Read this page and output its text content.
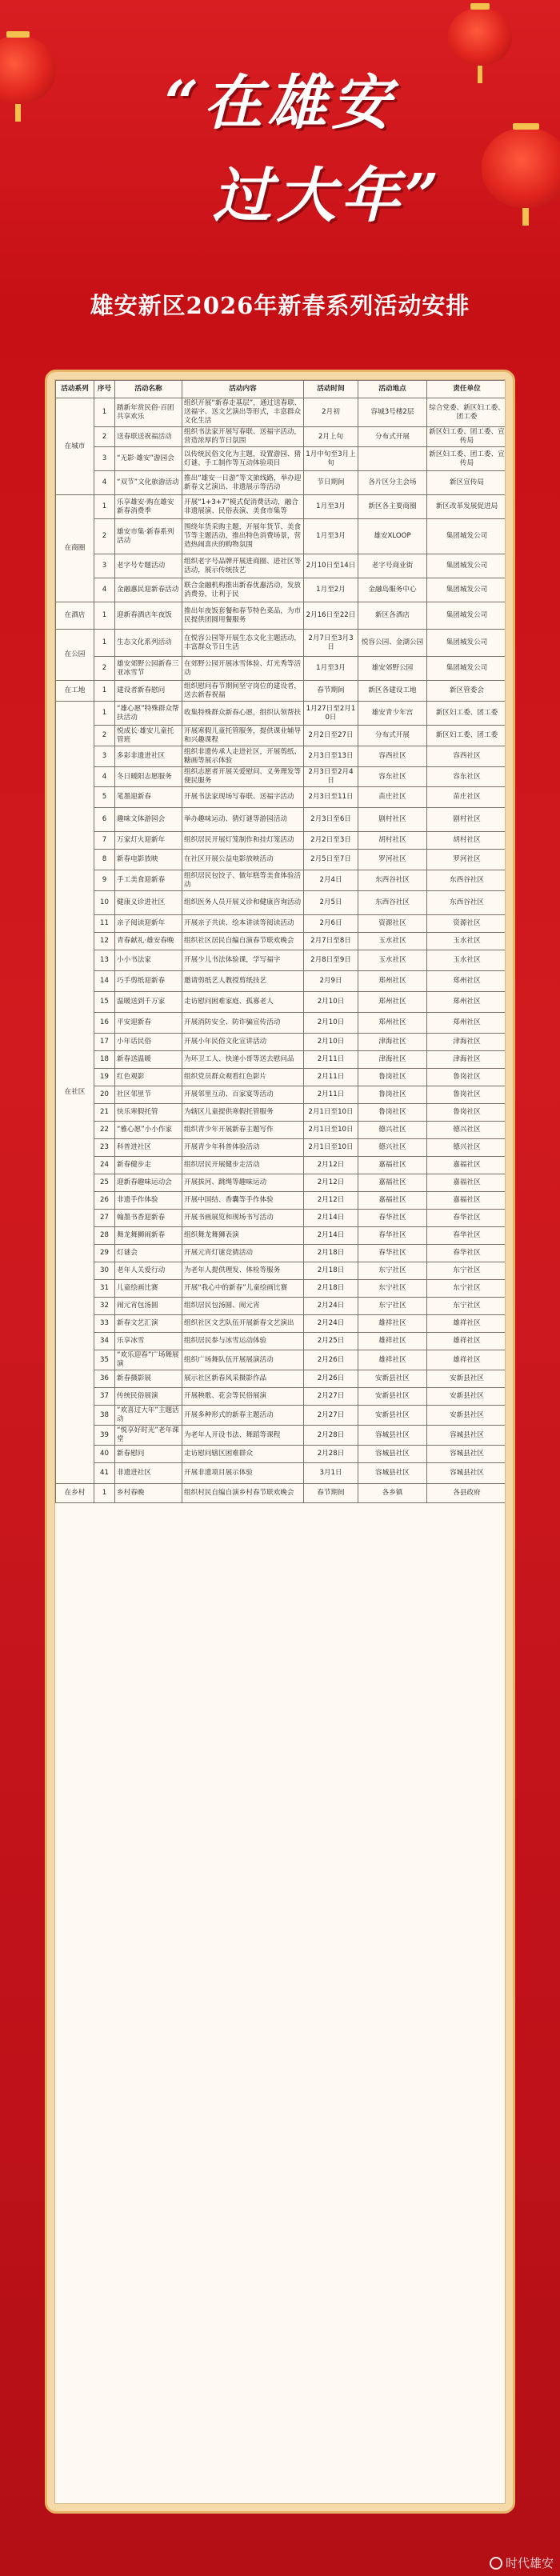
“在雄安
过大年”
雄安新区2026年新春系列活动安排
活动系列	序号	活动名称	活动内容	活动时间	活动地点	责任单位
在城市	1	踏新年赏民俗·百团共享欢乐	组织开展“新春走基层”，通过送春联、送福字、送文艺演出等形式，丰富群众文化生活	2月初	容城3号楼2层	综合党委、新区妇工委、团工委
	2	送春联送祝福活动	组织书法家开展写春联、送福字活动，营造浓厚的节日氛围	2月上旬	分布式开展	新区妇工委、团工委、宣传局
	3	“无影·雄安”游园会	以传统民俗文化为主题，设置游园、猜灯谜、手工制作等互动体验项目	1月中旬至3月上旬		新区妇工委、团工委、宣传局
	4	“双节”文化旅游活动	推出“雄安一日游”等文旅线路，举办迎新春文艺演出、非遗展示等活动	节日期间	各片区分主会场	新区宣传局
在商圈	1	乐享雄安·购在雄安新春消费季	开展“1+3+7”模式促消费活动，融合非遗展演、民俗表演、美食市集等	1月至3月	新区各主要商圈	新区改革发展促进局
	2	雄安市集·新春系列活动	围绕年货采购主题，开展年货节、美食节等主题活动，推出特色消费场景，营造热闹喜庆的购物氛围	1月至3月	雄安XLOOP	集团城发公司
	3	老字号专题活动	组织老字号品牌开展进商圈、进社区等活动，展示传统技艺	2月10日至14日	老字号商业街	集团城发公司
	4	金融惠民迎新春活动	联合金融机构推出新春优惠活动，发放消费券，让利于民	1月至2月	金融岛服务中心	集团城发公司
在酒店	1	迎新春酒店年夜饭	推出年夜饭套餐和春节特色菜品，为市民提供团圆用餐服务	2月16日至22日	新区各酒店	集团城发公司
在公园	1	生态文化系列活动	在悦容公园等开展生态文化主题活动，丰富群众节日生活	2月7日至3月3日	悦容公园、金湖公园	集团城发公司
	2	雄安郊野公园新春三亚冰雪节	在郊野公园开展冰雪体验、灯光秀等活动	1月至3月	雄安郊野公园	集团城发公司
在工地	1	建设者新春慰问	组织慰问春节期间坚守岗位的建设者，送去新春祝福	春节期间	新区各建设工地	新区管委会
在社区	1	“雄心愿”特殊群众帮扶活动	收集特殊群众新春心愿，组织认领帮扶	1月27日至2月10日	雄安青少年宫	新区妇工委、团工委
	2	悦成长·雄安儿童托管班	开展寒假儿童托管服务，提供课业辅导和兴趣课程	2月2日至27日	分布式开展	新区妇工委、团工委
	3	多彩非遗进社区	组织非遗传承人走进社区，开展剪纸、糖画等展示体验	2月3日至13日	容西社区	容西社区
	4	冬日暖阳志愿服务	组织志愿者开展关爱慰问、义务理发等便民服务	2月3日至2月4日	容东社区	容东社区
	5	笔墨迎新春	开展书法家现场写春联、送福字活动	2月3日至11日	苗庄社区	苗庄社区
	6	趣味文体游园会	举办趣味运动、猜灯谜等游园活动	2月3日至6日	剧村社区	剧村社区
	7	万家灯火迎新年	组织居民开展灯笼制作和挂灯笼活动	2月2日至3日	胡村社区	胡村社区
	8	新春电影放映	在社区开展公益电影放映活动	2月5日至7日	罗河社区	罗河社区
	9	手工美食迎新春	组织居民包饺子、做年糕等美食体验活动	2月4日	东西谷社区	东西谷社区
	10	健康义诊进社区	组织医务人员开展义诊和健康咨询活动	2月5日	东西谷社区	东西谷社区
	11	亲子阅读迎新年	开展亲子共读、绘本讲读等阅读活动	2月6日	资源社区	资源社区
	12	青春献礼·雄安春晚	组织社区居民自编自演春节联欢晚会	2月7日至8日	玉水社区	玉水社区
	13	小小书法家	开展少儿书法体验课，学写福字	2月8日至9日	玉水社区	玉水社区
	14	巧手剪纸迎新春	邀请剪纸艺人教授剪纸技艺	2月9日	郑州社区	郑州社区
	15	温暖送到千万家	走访慰问困难家庭、孤寡老人	2月10日	郑州社区	郑州社区
	16	平安迎新春	开展消防安全、防诈骗宣传活动	2月10日	郑州社区	郑州社区
	17	小年话民俗	开展小年民俗文化宣讲活动	2月10日	津海社区	津海社区
	18	新春送温暖	为环卫工人、快递小哥等送去慰问品	2月11日	津海社区	津海社区
	19	红色观影	组织党员群众观看红色影片	2月11日	鲁岗社区	鲁岗社区
	20	社区邻里节	开展邻里互动、百家宴等活动	2月11日	鲁岗社区	鲁岗社区
	21	快乐寒假托管	为辖区儿童提供寒假托管服务	2月1日至10日	鲁岗社区	鲁岗社区
	22	“雅心愿”小小作家	组织青少年开展新春主题写作	2月1日至10日	德兴社区	德兴社区
	23	科普进社区	开展青少年科普体验活动	2月1日至10日	德兴社区	德兴社区
	24	新春健步走	组织居民开展健步走活动	2月12日	嘉福社区	嘉福社区
	25	迎新春趣味运动会	开展拔河、跳绳等趣味运动	2月12日	嘉福社区	嘉福社区
	26	非遗手作体验	开展中国结、香囊等手作体验	2月12日	嘉福社区	嘉福社区
	27	翰墨书香迎新春	开展书画展览和现场书写活动	2月14日	春华社区	春华社区
	28	舞龙舞狮闹新春	组织舞龙舞狮表演	2月14日	春华社区	春华社区
	29	灯谜会	开展元宵灯谜竞猜活动	2月18日	春华社区	春华社区
	30	老年人关爱行动	为老年人提供理发、体检等服务	2月18日	东宁社区	东宁社区
	31	儿童绘画比赛	开展“我心中的新春”儿童绘画比赛	2月18日	东宁社区	东宁社区
	32	闹元宵包汤圆	组织居民包汤圆、闹元宵	2月24日	东宁社区	东宁社区
	33	新春文艺汇演	组织社区文艺队伍开展新春文艺演出	2月24日	雄祥社区	雄祥社区
	34	乐享冰雪	组织居民参与冰雪运动体验	2月25日	雄祥社区	雄祥社区
	35	“欢乐迎春”广场舞展演	组织广场舞队伍开展展演活动	2月26日	雄祥社区	雄祥社区
	36	新春摄影展	展示社区新春风采摄影作品	2月26日	安新县社区	安新县社区
	37	传统民俗展演	开展秧歌、花会等民俗展演	2月27日	安新县社区	安新县社区
	38	“欢喜过大年”主题活动	开展多种形式的新春主题活动	2月27日	安新县社区	安新县社区
	39	“悦享好时光”老年课堂	为老年人开设书法、舞蹈等课程	2月28日	容城县社区	容城县社区
	40	新春慰问	走访慰问辖区困难群众	2月28日	容城县社区	容城县社区
	41	非遗进社区	开展非遗项目展示体验	3月1日	容城县社区	容城县社区
在乡村	1	乡村春晚	组织村民自编自演乡村春节联欢晚会	春节期间	各乡镇	各县政府
时代雄安
